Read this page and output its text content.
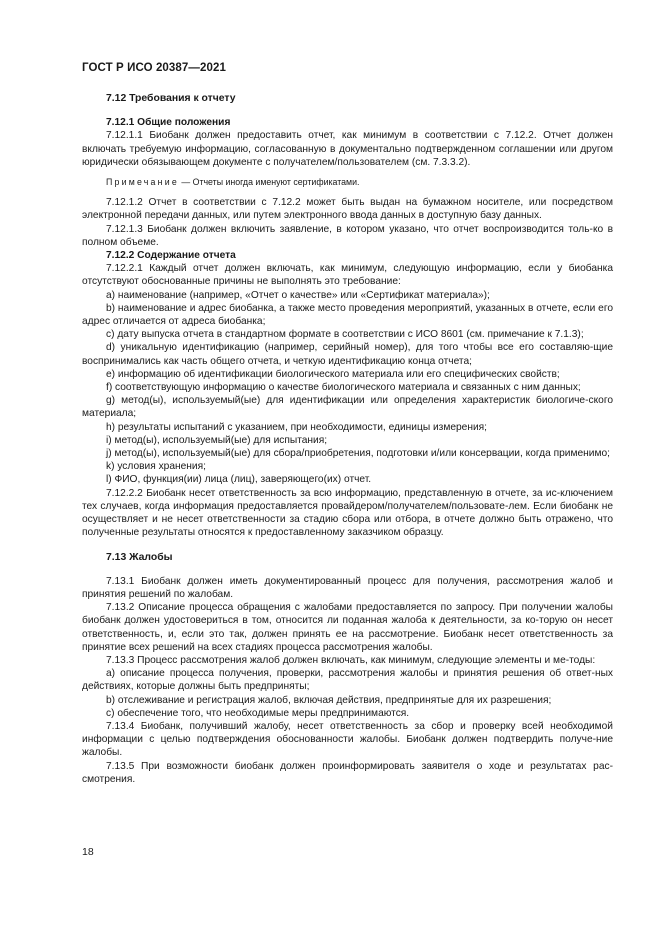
ГОСТ Р ИСО 20387—2021

7.12 Требования к отчету

7.12.1 Общие положения

7.12.1.1 Биобанк должен предоставить отчет, как минимум в соответствии с 7.12.2. Отчет должен включать требуемую информацию, согласованную в документально подтвержденном соглашении или другом юридически обязывающем документе с получателем/пользователем (см. 7.3.3.2).

Примечание — Отчеты иногда именуют сертификатами.

7.12.1.2 Отчет в соответствии с 7.12.2 может быть выдан на бумажном носителе, или посредством электронной передачи данных, или путем электронного ввода данных в доступную базу данных.

7.12.1.3 Биобанк должен включить заявление, в котором указано, что отчет воспроизводится толь-ко в полном объеме.

7.12.2 Содержание отчета

7.12.2.1 Каждый отчет должен включать, как минимум, следующую информацию, если у биобанка отсутствуют обоснованные причины не выполнять это требование:

a) наименование (например, «Отчет о качестве» или «Сертификат материала»);

b) наименование и адрес биобанка, а также место проведения мероприятий, указанных в отчете, если его адрес отличается от адреса биобанка;

c) дату выпуска отчета в стандартном формате в соответствии с ИСО 8601 (см. примечание к 7.1.3);

d) уникальную идентификацию (например, серийный номер), для того чтобы все его составляю-щие воспринимались как часть общего отчета, и четкую идентификацию конца отчета;

e) информацию об идентификации биологического материала или его специфических свойств;

f) соответствующую информацию о качестве биологического материала и связанных с ним данных;

g) метод(ы), используемый(ые) для идентификации или определения характеристик биологиче-ского материала;

h) результаты испытаний с указанием, при необходимости, единицы измерения;

i) метод(ы), используемый(ые) для испытания;

j) метод(ы), используемый(ые) для сбора/приобретения, подготовки и/или консервации, когда применимо;

k) условия хранения;

l) ФИО, функция(ии) лица (лиц), заверяющего(их) отчет.

7.12.2.2 Биобанк несет ответственность за всю информацию, представленную в отчете, за ис-ключением тех случаев, когда информация предоставляется провайдером/получателем/пользовате-лем. Если биобанк не осуществляет и не несет ответственности за стадию сбора или отбора, в отчете должно быть отражено, что полученные результаты относятся к предоставленному заказчиком образцу.

7.13 Жалобы

7.13.1 Биобанк должен иметь документированный процесс для получения, рассмотрения жалоб и принятия решений по жалобам.

7.13.2 Описание процесса обращения с жалобами предоставляется по запросу. При получении жалобы биобанк должен удостовериться в том, относится ли поданная жалоба к деятельности, за ко-торую он несет ответственность, и, если это так, должен принять ее на рассмотрение. Биобанк несет ответственность за принятие всех решений на всех стадиях процесса рассмотрения жалобы.

7.13.3 Процесс рассмотрения жалоб должен включать, как минимум, следующие элементы и ме-тоды:

a) описание процесса получения, проверки, рассмотрения жалобы и принятия решения об ответ-ных действиях, которые должны быть предприняты;

b) отслеживание и регистрация жалоб, включая действия, предпринятые для их разрешения;

c) обеспечение того, что необходимые меры предпринимаются.

7.13.4 Биобанк, получивший жалобу, несет ответственность за сбор и проверку всей необходимой информации с целью подтверждения обоснованности жалобы. Биобанк должен подтвердить получе-ние жалобы.

7.13.5 При возможности биобанк должен проинформировать заявителя о ходе и результатах рас-смотрения.

18
